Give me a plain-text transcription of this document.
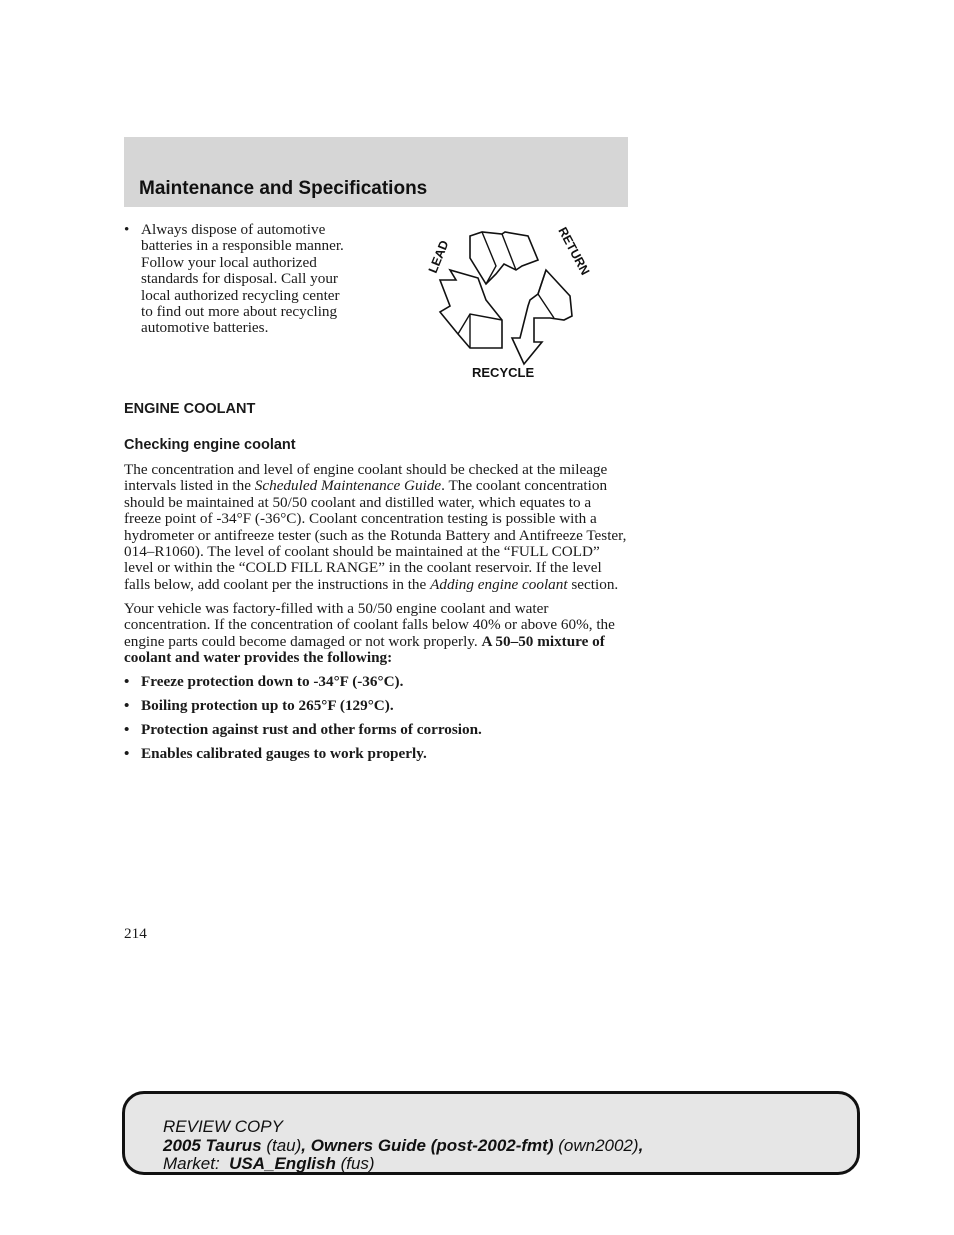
Maintenance and Specifications
• Always dispose of automotive
batteries in a responsible manner.
Follow your local authorized
standards for disposal. Call your
local authorized recycling center
to find out more about recycling
automotive batteries.
LEAD	RETURN
RECYCLE
ENGINE COOLANT
Checking engine coolant

The concentration and level of engine coolant should be checked at the mileage intervals listed in the Scheduled Maintenance Guide. The coolant concentration should be maintained at 50/50 coolant and distilled water, which equates to a freeze point of -34°F (-36°C). Coolant concentration testing is possible with a hydrometer or antifreeze tester (such as the Rotunda Battery and Antifreeze Tester, 014–R1060). The level of coolant should be maintained at the “FULL COLD” level or within the “COLD FILL RANGE” in the coolant reservoir. If the level falls below, add coolant per the instructions in the Adding engine coolant section.

Your vehicle was factory-filled with a 50/50 engine coolant and water concentration. If the concentration of coolant falls below 40% or above 60%, the engine parts could become damaged or not work properly. A 50–50 mixture of coolant and water provides the following:

• Freeze protection down to -34°F (-36°C).
• Boiling protection up to 265°F (129°C).
• Protection against rust and other forms of corrosion.
• Enables calibrated gauges to work properly.
214
REVIEW COPY
2005 Taurus (tau), Owners Guide (post-2002-fmt) (own2002),
Market:  USA_English (fus)
